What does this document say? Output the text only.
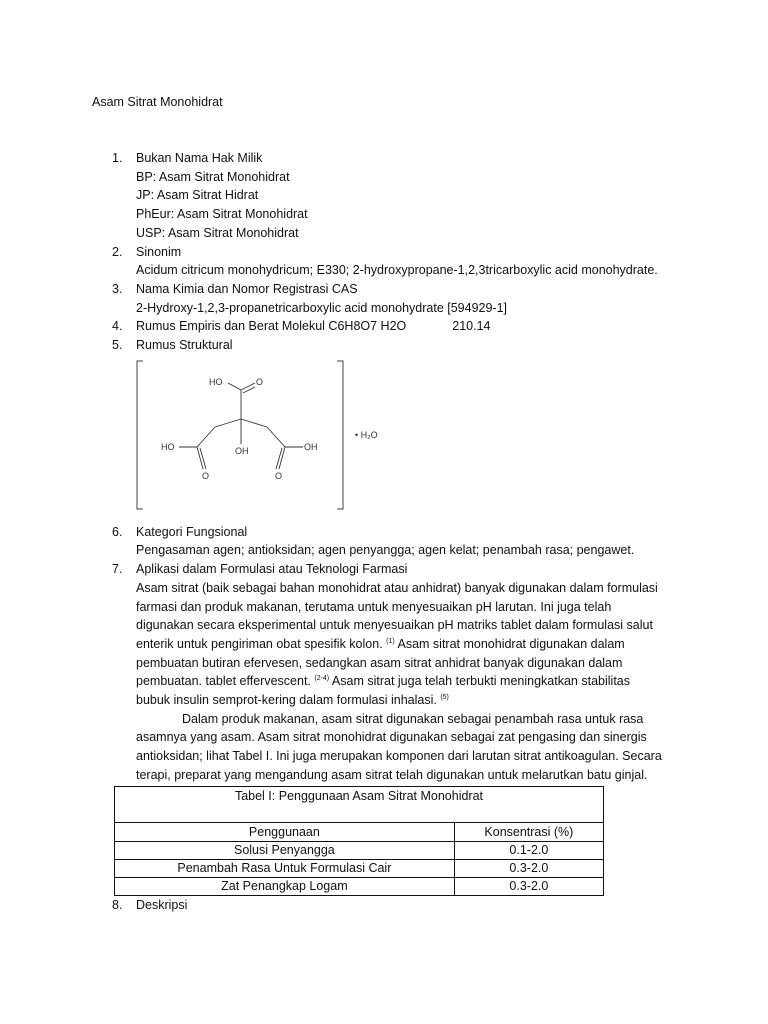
Asam Sitrat Monohidrat
1. Bukan Nama Hak Milik
BP: Asam Sitrat Monohidrat
JP: Asam Sitrat Hidrat
PhEur: Asam Sitrat Monohidrat
USP: Asam Sitrat Monohidrat
2. Sinonim
Acidum citricum monohydricum; E330; 2-hydroxypropane-1,2,3tricarboxylic acid monohydrate.
3. Nama Kimia dan Nomor Registrasi CAS
2-Hydroxy-1,2,3-propanetricarboxylic acid monohydrate [594929-1]
4. Rumus Empiris dan Berat Molekul C6H8O7 H2O	210.14
5. Rumus Struktural
HO	O
HO
O
OH
O
OH
• H₂O
6. Kategori Fungsional
Pengasaman agen; antioksidan; agen penyangga; agen kelat; penambah rasa; pengawet.
7. Aplikasi dalam Formulasi atau Teknologi Farmasi
Asam sitrat (baik sebagai bahan monohidrat atau anhidrat) banyak digunakan dalam formulasi
farmasi dan produk makanan, terutama untuk menyesuaikan pH larutan. Ini juga telah
digunakan secara eksperimental untuk menyesuaikan pH matriks tablet dalam formulasi salut
enterik untuk pengiriman obat spesifik kolon. $^{(1)}$ Asam sitrat monohidrat digunakan dalam
pembuatan butiran efervesen, sedangkan asam sitrat anhidrat banyak digunakan dalam
pembuatan. tablet effervescent. $^{(2-4)}$ Asam sitrat juga telah terbukti meningkatkan stabilitas
bubuk insulin semprot-kering dalam formulasi inhalasi. $^{(5)}$
Dalam produk makanan, asam sitrat digunakan sebagai penambah rasa untuk rasa
asamnya yang asam. Asam sitrat monohidrat digunakan sebagai zat pengasing dan sinergis
antioksidan; lihat Tabel I. Ini juga merupakan komponen dari larutan sitrat antikoagulan. Secara
terapi, preparat yang mengandung asam sitrat telah digunakan untuk melarutkan batu ginjal.
Tabel I: Penggunaan Asam Sitrat Monohidrat	
Penggunaan	Konsentrasi (%)
Solusi Penyangga	0.1-2.0
Penambah Rasa Untuk Formulasi Cair	0.3-2.0
Zat Penangkap Logam	0.3-2.0
8. Deskripsi
